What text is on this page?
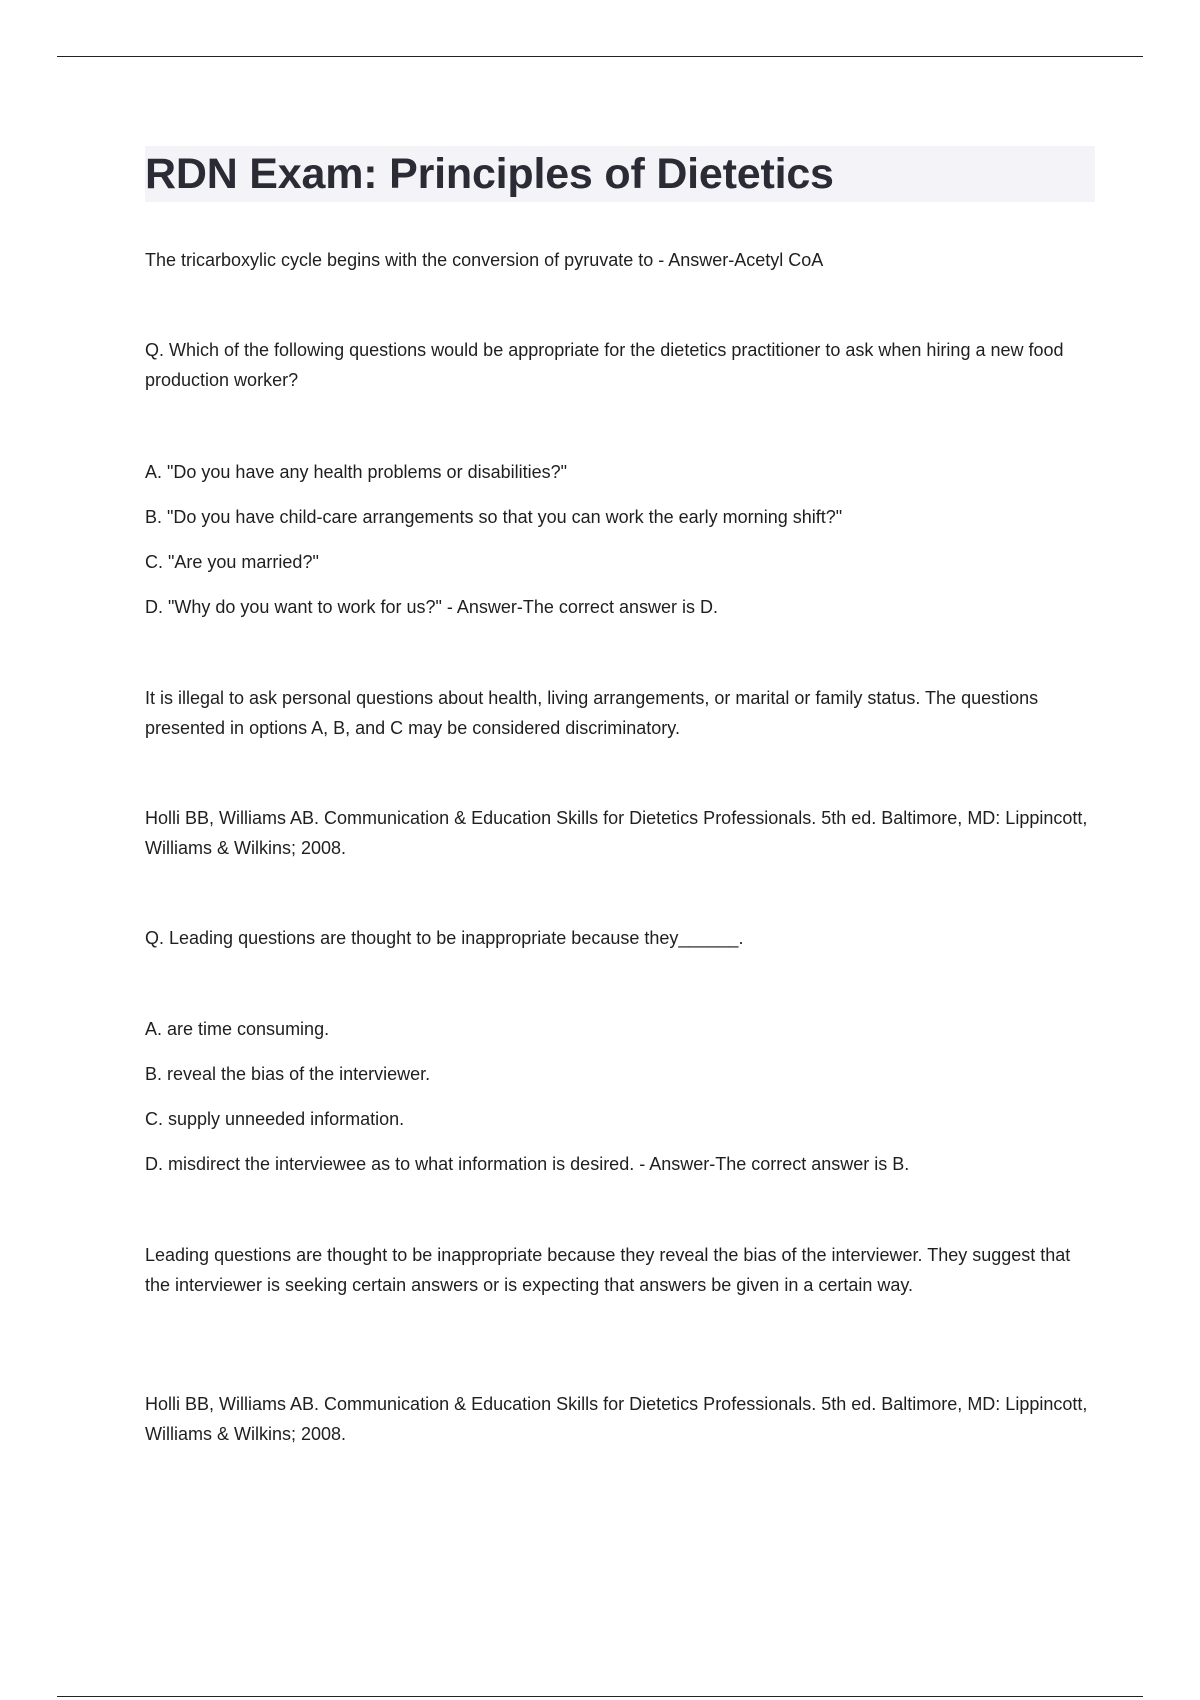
RDN Exam: Principles of Dietetics

The tricarboxylic cycle begins with the conversion of pyruvate to - Answer-Acetyl CoA

Q. Which of the following questions would be appropriate for the dietetics practitioner to ask when hiring a new food production worker?

A. "Do you have any health problems or disabilities?"

B. "Do you have child-care arrangements so that you can work the early morning shift?"

C. "Are you married?"

D. "Why do you want to work for us?" - Answer-The correct answer is D.

It is illegal to ask personal questions about health, living arrangements, or marital or family status. The questions presented in options A, B, and C may be considered discriminatory.

Holli BB, Williams AB. Communication & Education Skills for Dietetics Professionals. 5th ed. Baltimore, MD: Lippincott, Williams & Wilkins; 2008.

Q. Leading questions are thought to be inappropriate because they______.

A. are time consuming.

B. reveal the bias of the interviewer.

C. supply unneeded information.

D. misdirect the interviewee as to what information is desired. - Answer-The correct answer is B.

Leading questions are thought to be inappropriate because they reveal the bias of the interviewer. They suggest that the interviewer is seeking certain answers or is expecting that answers be given in a certain way.

Holli BB, Williams AB. Communication & Education Skills for Dietetics Professionals. 5th ed. Baltimore, MD: Lippincott, Williams & Wilkins; 2008.
